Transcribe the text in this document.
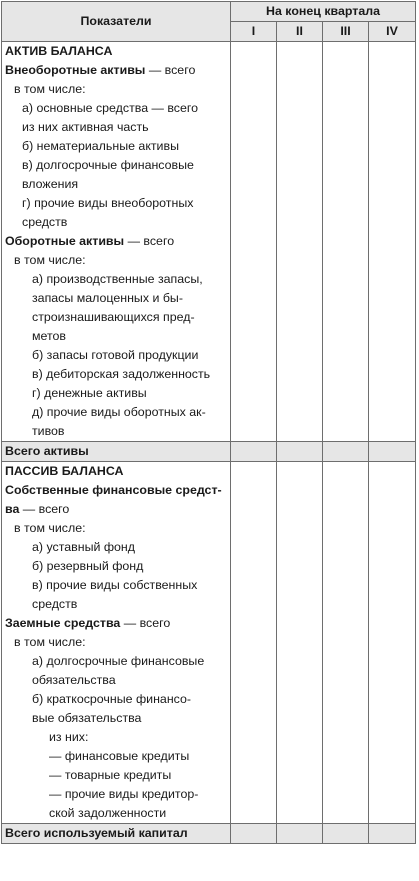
Показатели	На конец квартала			
	I	II	III	IV
АКТИВ БАЛАНСА				
Внеоборотные активы — всего				
в том числе:				
а) основные средства — всего				
из них активная часть				
б) нематериальные активы				
в) долгосрочные финансовые				
вложения				
г) прочие виды внеоборотных				
средств				
Оборотные активы — всего				
в том числе:				
а) производственные запасы,				
запасы малоценных и бы-				
строизнашивающихся пред-				
метов				
б) запасы готовой продукции				
в) дебиторская задолженность				
г) денежные активы				
д) прочие виды оборотных ак-				
тивов				
Всего активы				
ПАССИВ БАЛАНСА				
Собственные финансовые средст-				
ва — всего				
в том числе:				
а) уставный фонд				
б) резервный фонд				
в) прочие виды собственных				
средств				
Заемные средства — всего				
в том числе:				
а) долгосрочные финансовые				
обязательства				
б) краткосрочные финансо-				
вые обязательства				
из них:				
— финансовые кредиты				
— товарные кредиты				
— прочие виды кредитор-				
ской задолженности				
Всего используемый капитал				
